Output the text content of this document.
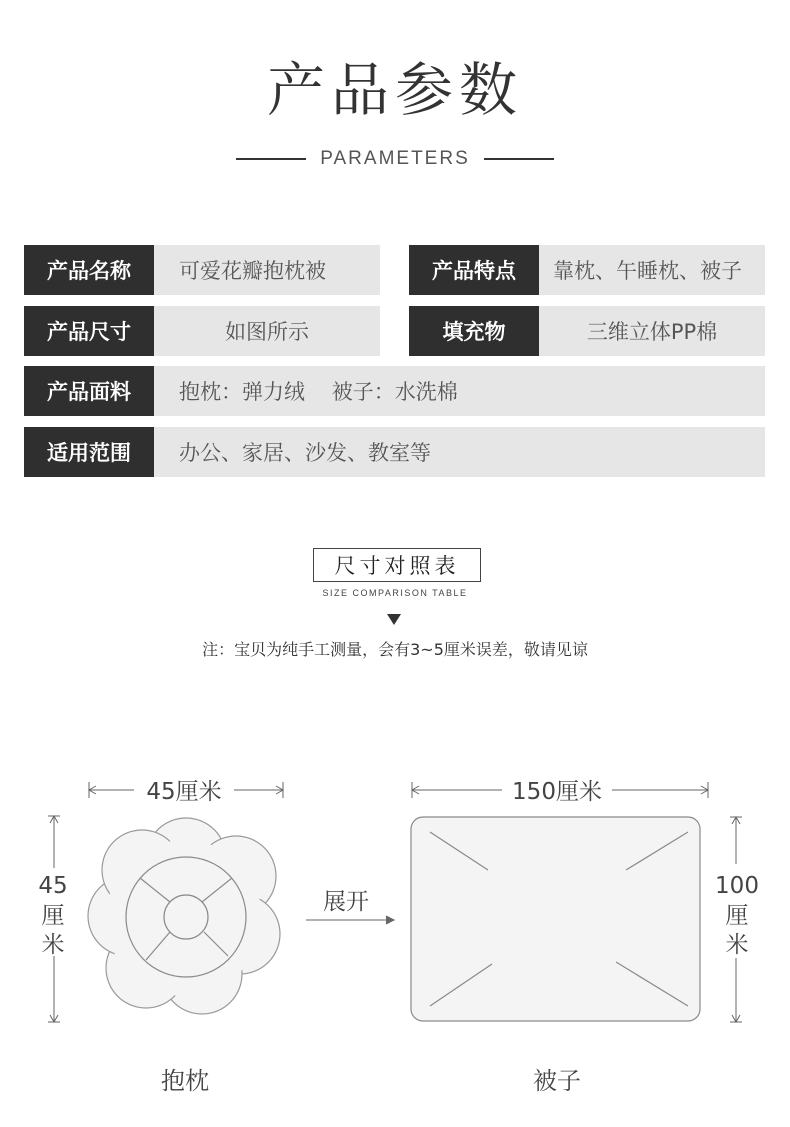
产品参数
PARAMETERS
产品名称	可爱花瓣抱枕被	产品特点	靠枕、午睡枕、被子
产品尺寸	如图所示	填充物	三维立体PP棉
产品面料	抱枕：弹力绒    被子：水洗棉
适用范围	办公、家居、沙发、教室等
尺寸对照表
SIZE COMPARISON TABLE
注：宝贝为纯手工测量，会有3~5厘米误差，敬请见谅
45厘米
45
厘
米
展开
150厘米
100
厘
米
抱枕	被子
